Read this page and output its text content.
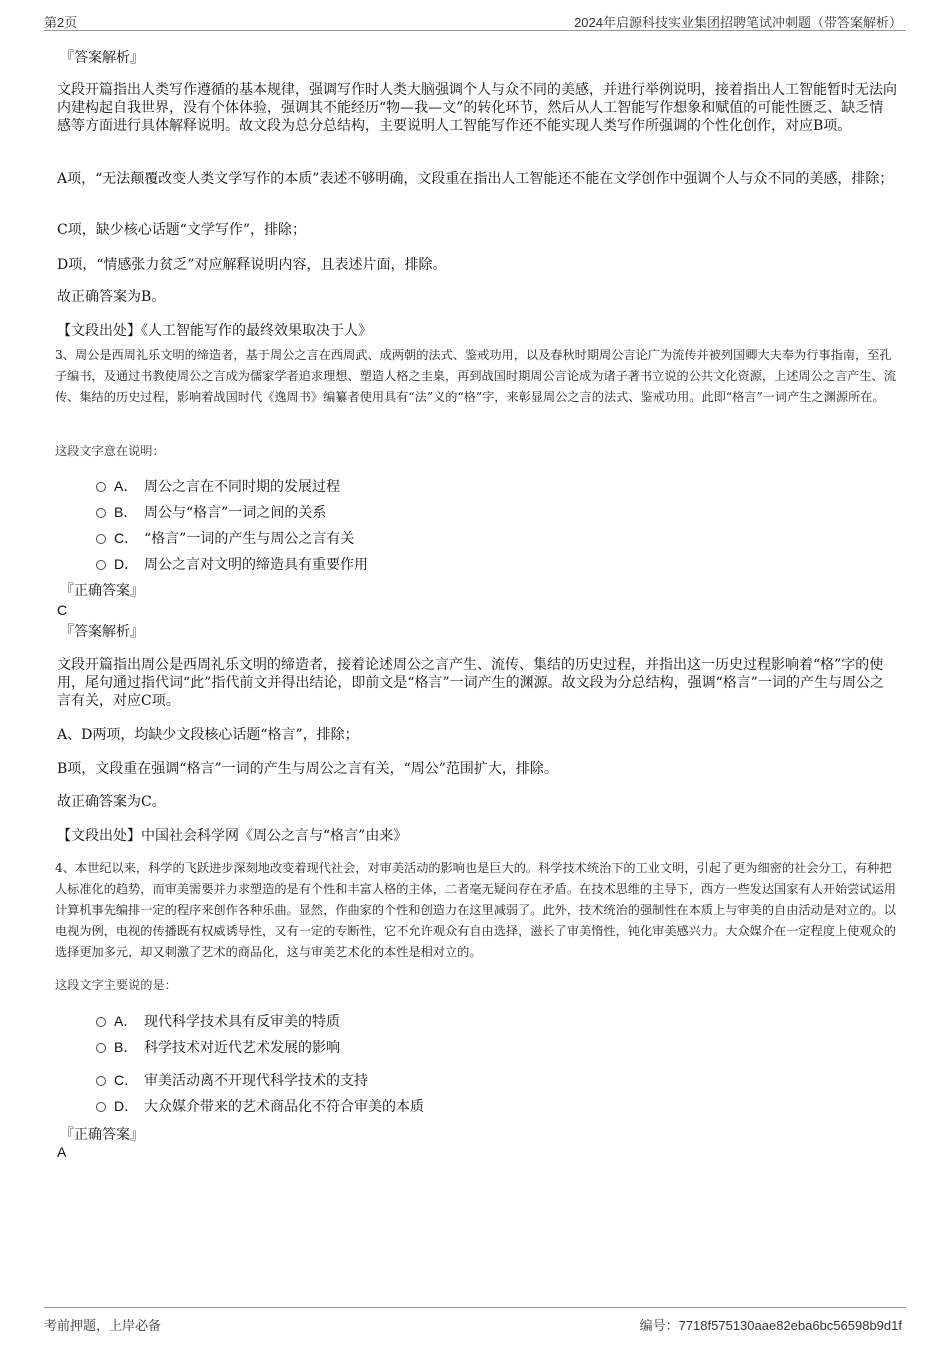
第2页	2024年启源科技实业集团招聘笔试冲刺题（带答案解析）
『答案解析』

文段开篇指出人类写作遵循的基本规律，强调写作时人类大脑强调个人与众不同的美感，并进行举例说明，接着指出人工智能暂时无法向内建构起自我世界，没有个体体验，强调其不能经历“物—我—文”的转化环节，然后从人工智能写作想象和赋值的可能性匮乏、缺乏情感等方面进行具体解释说明。故文段为总分总结构，主要说明人工智能写作还不能实现人类写作所强调的个性化创作，对应B项。

A项，“无法颠覆改变人类文学写作的本质”表述不够明确，文段重在指出人工智能还不能在文学创作中强调个人与众不同的美感，排除；

C项，缺少核心话题“文学写作”，排除；

D项，“情感张力贫乏”对应解释说明内容，且表述片面，排除。

故正确答案为B。

【文段出处】《人工智能写作的最终效果取决于人》

3、周公是西周礼乐文明的缔造者，基于周公之言在西周武、成两朝的法式、鉴戒功用，以及春秋时期周公言论广为流传并被列国卿大夫奉为行事指南，至孔子编书，及通过书教使周公之言成为儒家学者追求理想、塑造人格之圭臬，再到战国时期周公言论成为诸子著书立说的公共文化资源，上述周公之言产生、流传、集结的历史过程，影响着战国时代《逸周书》编纂者使用具有“法”义的“格”字，来彰显周公之言的法式、鉴戒功用。此即“格言”一词产生之渊源所在。

这段文字意在说明：
A． 周公之言在不同时期的发展过程
B． 周公与“格言”一词之间的关系
C． “格言”一词的产生与周公之言有关
D． 周公之言对文明的缔造具有重要作用
『正确答案』
C
『答案解析』

文段开篇指出周公是西周礼乐文明的缔造者，接着论述周公之言产生、流传、集结的历史过程，并指出这一历史过程影响着“格”字的使用，尾句通过指代词“此”指代前文并得出结论，即前文是“格言”一词产生的渊源。故文段为分总结构，强调“格言”一词的产生与周公之言有关，对应C项。

A、D两项，均缺少文段核心话题“格言”，排除；

B项，文段重在强调“格言”一词的产生与周公之言有关，“周公”范围扩大，排除。

故正确答案为C。

【文段出处】中国社会科学网《周公之言与“格言”由来》

4、本世纪以来，科学的飞跃进步深刻地改变着现代社会，对审美活动的影响也是巨大的。科学技术统治下的工业文明，引起了更为细密的社会分工，有种把人标准化的趋势，而审美需要并力求塑造的是有个性和丰富人格的主体，二者毫无疑问存在矛盾。在技术思维的主导下，西方一些发达国家有人开始尝试运用计算机事先编排一定的程序来创作各种乐曲。显然，作曲家的个性和创造力在这里减弱了。此外，技术统治的强制性在本质上与审美的自由活动是对立的。以电视为例，电视的传播既有权威诱导性，又有一定的专断性，它不允许观众有自由选择，滋长了审美惰性，钝化审美感兴力。大众媒介在一定程度上使观众的选择更加多元，却又刺激了艺术的商品化，这与审美艺术化的本性是相对立的。

这段文字主要说的是：
A． 现代科学技术具有反审美的特质
B． 科学技术对近代艺术发展的影响
C． 审美活动离不开现代科学技术的支持
D． 大众媒介带来的艺术商品化不符合审美的本质
『正确答案』
A
考前押题，上岸必备	编号：7718f575130aae82eba6bc56598b9d1f
